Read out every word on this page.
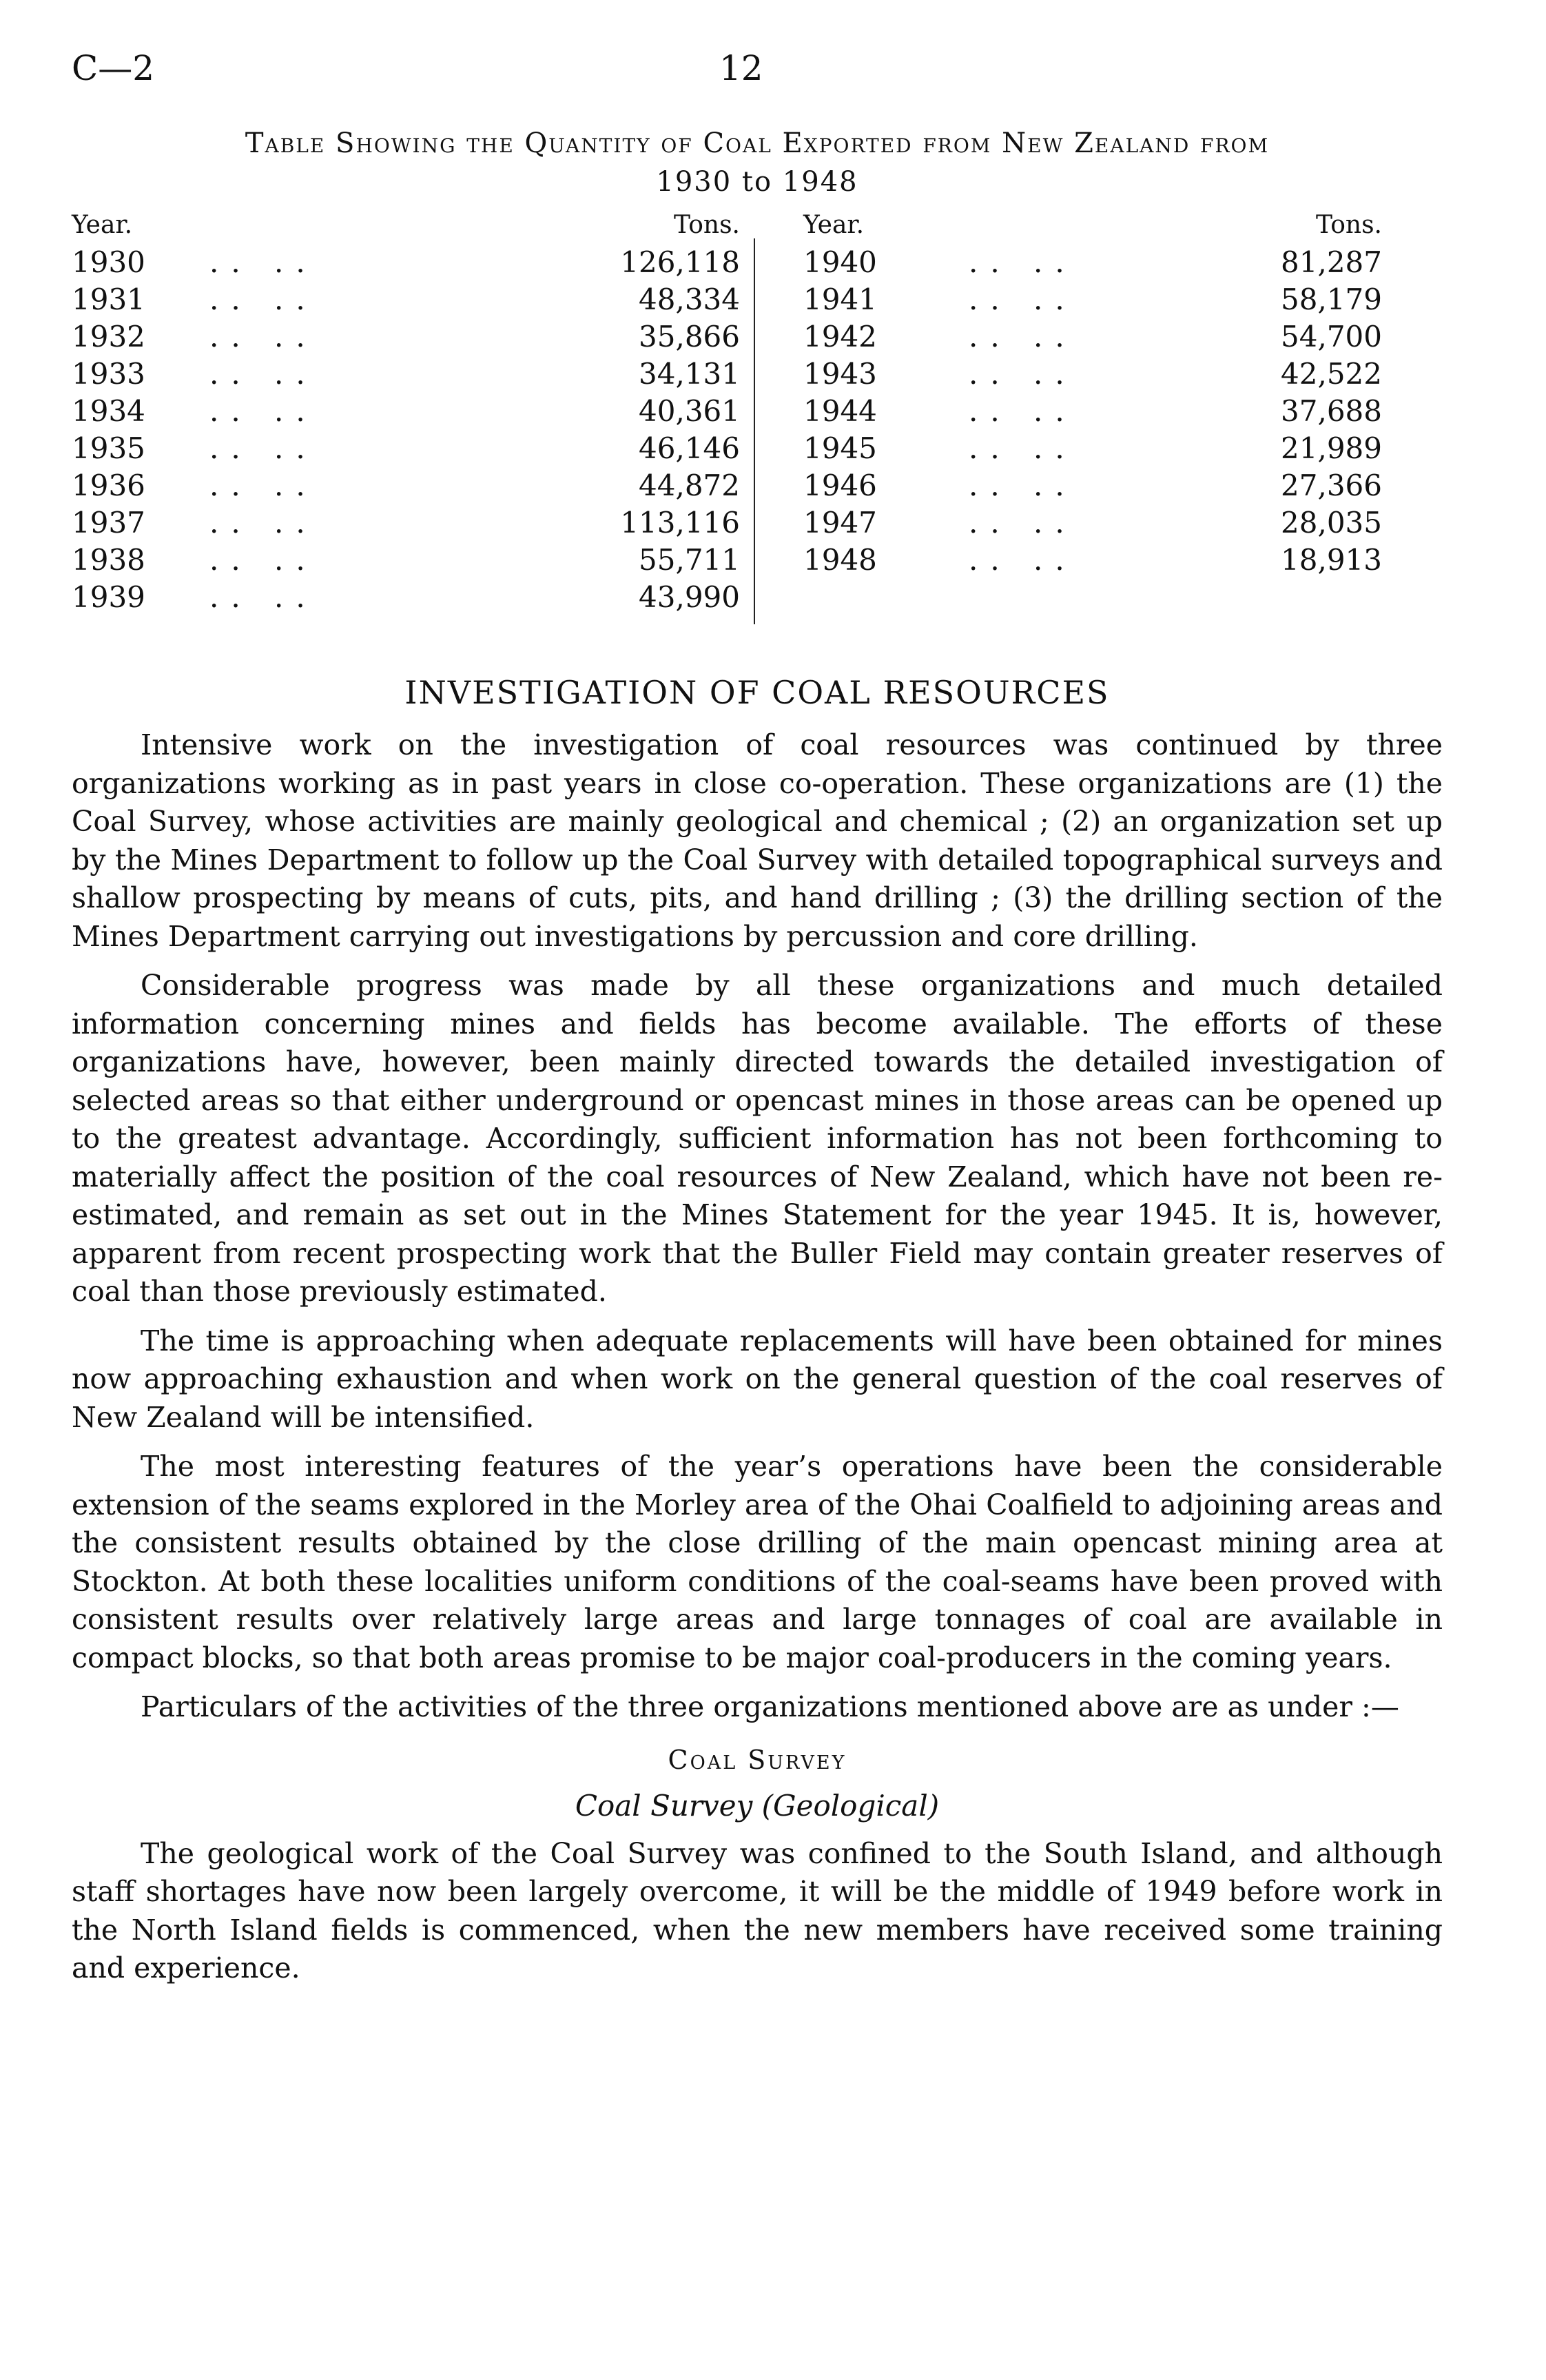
C—2	12
Table Showing the Quantity of Coal Exported from New Zealand from
1930 to 1948
Year.	Tons.
1930 .. ..	126,118
1931 .. ..	48,334
1932 .. ..	35,866
1933 .. ..	34,131
1934 .. ..	40,361
1935 .. ..	46,146
1936 .. ..	44,872
1937 .. ..	113,116
1938 .. ..	55,711
1939 .. ..	43,990
Year.	Tons.
1940	.. ..	81,287
1941	.. ..	58,179
1942	.. ..	54,700
1943	.. ..	42,522
1944	.. ..	37,688
1945	.. ..	21,989
1946	.. ..	27,366
1947	.. ..	28,035
1948	.. ..	18,913
INVESTIGATION OF COAL RESOURCES

Intensive work on the investigation of coal resources was continued by three organizations working as in past years in close co-operation. These organizations are (1) the Coal Survey, whose activities are mainly geological and chemical ; (2) an organization set up by the Mines Department to follow up the Coal Survey with detailed topographical surveys and shallow prospecting by means of cuts, pits, and hand drilling ; (3) the drilling section of the Mines Department carrying out investigations by percussion and core drilling.

Considerable progress was made by all these organizations and much detailed information concerning mines and fields has become available. The efforts of these organizations have, however, been mainly directed towards the detailed investigation of selected areas so that either underground or opencast mines in those areas can be opened up to the greatest advantage. Accordingly, sufficient information has not been forthcoming to materially affect the position of the coal resources of New Zealand, which have not been re-estimated, and remain as set out in the Mines Statement for the year 1945. It is, however, apparent from recent prospecting work that the Buller Field may contain greater reserves of coal than those previously estimated.

The time is approaching when adequate replacements will have been obtained for mines now approaching exhaustion and when work on the general question of the coal reserves of New Zealand will be intensified.

The most interesting features of the year’s operations have been the considerable extension of the seams explored in the Morley area of the Ohai Coalfield to adjoining areas and the consistent results obtained by the close drilling of the main opencast mining area at Stockton. At both these localities uniform conditions of the coal-seams have been proved with consistent results over relatively large areas and large tonnages of coal are available in compact blocks, so that both areas promise to be major coal-producers in the coming years.

Particulars of the activities of the three organizations mentioned above are as under :—

Coal Survey
Coal Survey (Geological)

The geological work of the Coal Survey was confined to the South Island, and although staff shortages have now been largely overcome, it will be the middle of 1949 before work in the North Island fields is commenced, when the new members have received some training and experience.
